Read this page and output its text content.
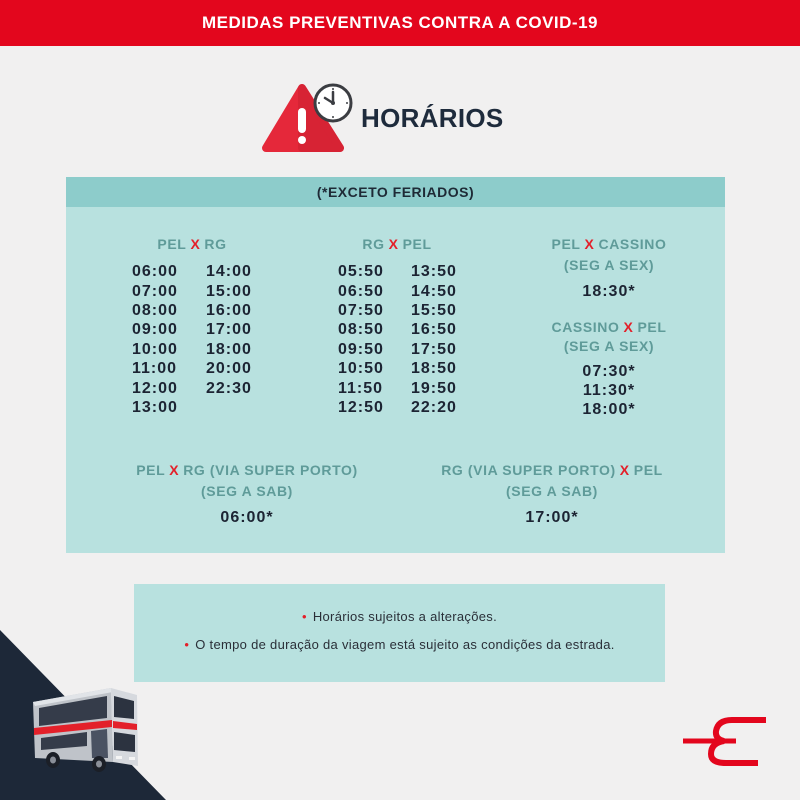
MEDIDAS PREVENTIVAS CONTRA A COVID-19
HORÁRIOS
(*EXCETO FERIADOS)
PEL X RG
06:00
07:00
08:00
09:00
10:00
11:00
12:00
13:00
14:00
15:00
16:00
17:00
18:00
20:00
22:30
RG X PEL
05:50
06:50
07:50
08:50
09:50
10:50
11:50
12:50
13:50
14:50
15:50
16:50
17:50
18:50
19:50
22:20
PEL X CASSINO
(SEG A SEX)
18:30*
CASSINO X PEL
(SEG A SEX)
07:30*
11:30*
18:00*
PEL X RG (VIA SUPER PORTO)
(SEG A SAB)
06:00*
RG (VIA SUPER PORTO) X PEL
(SEG A SAB)
17:00*
• Horários sujeitos a alterações.
• O tempo de duração da viagem está sujeito as condições da estrada.
